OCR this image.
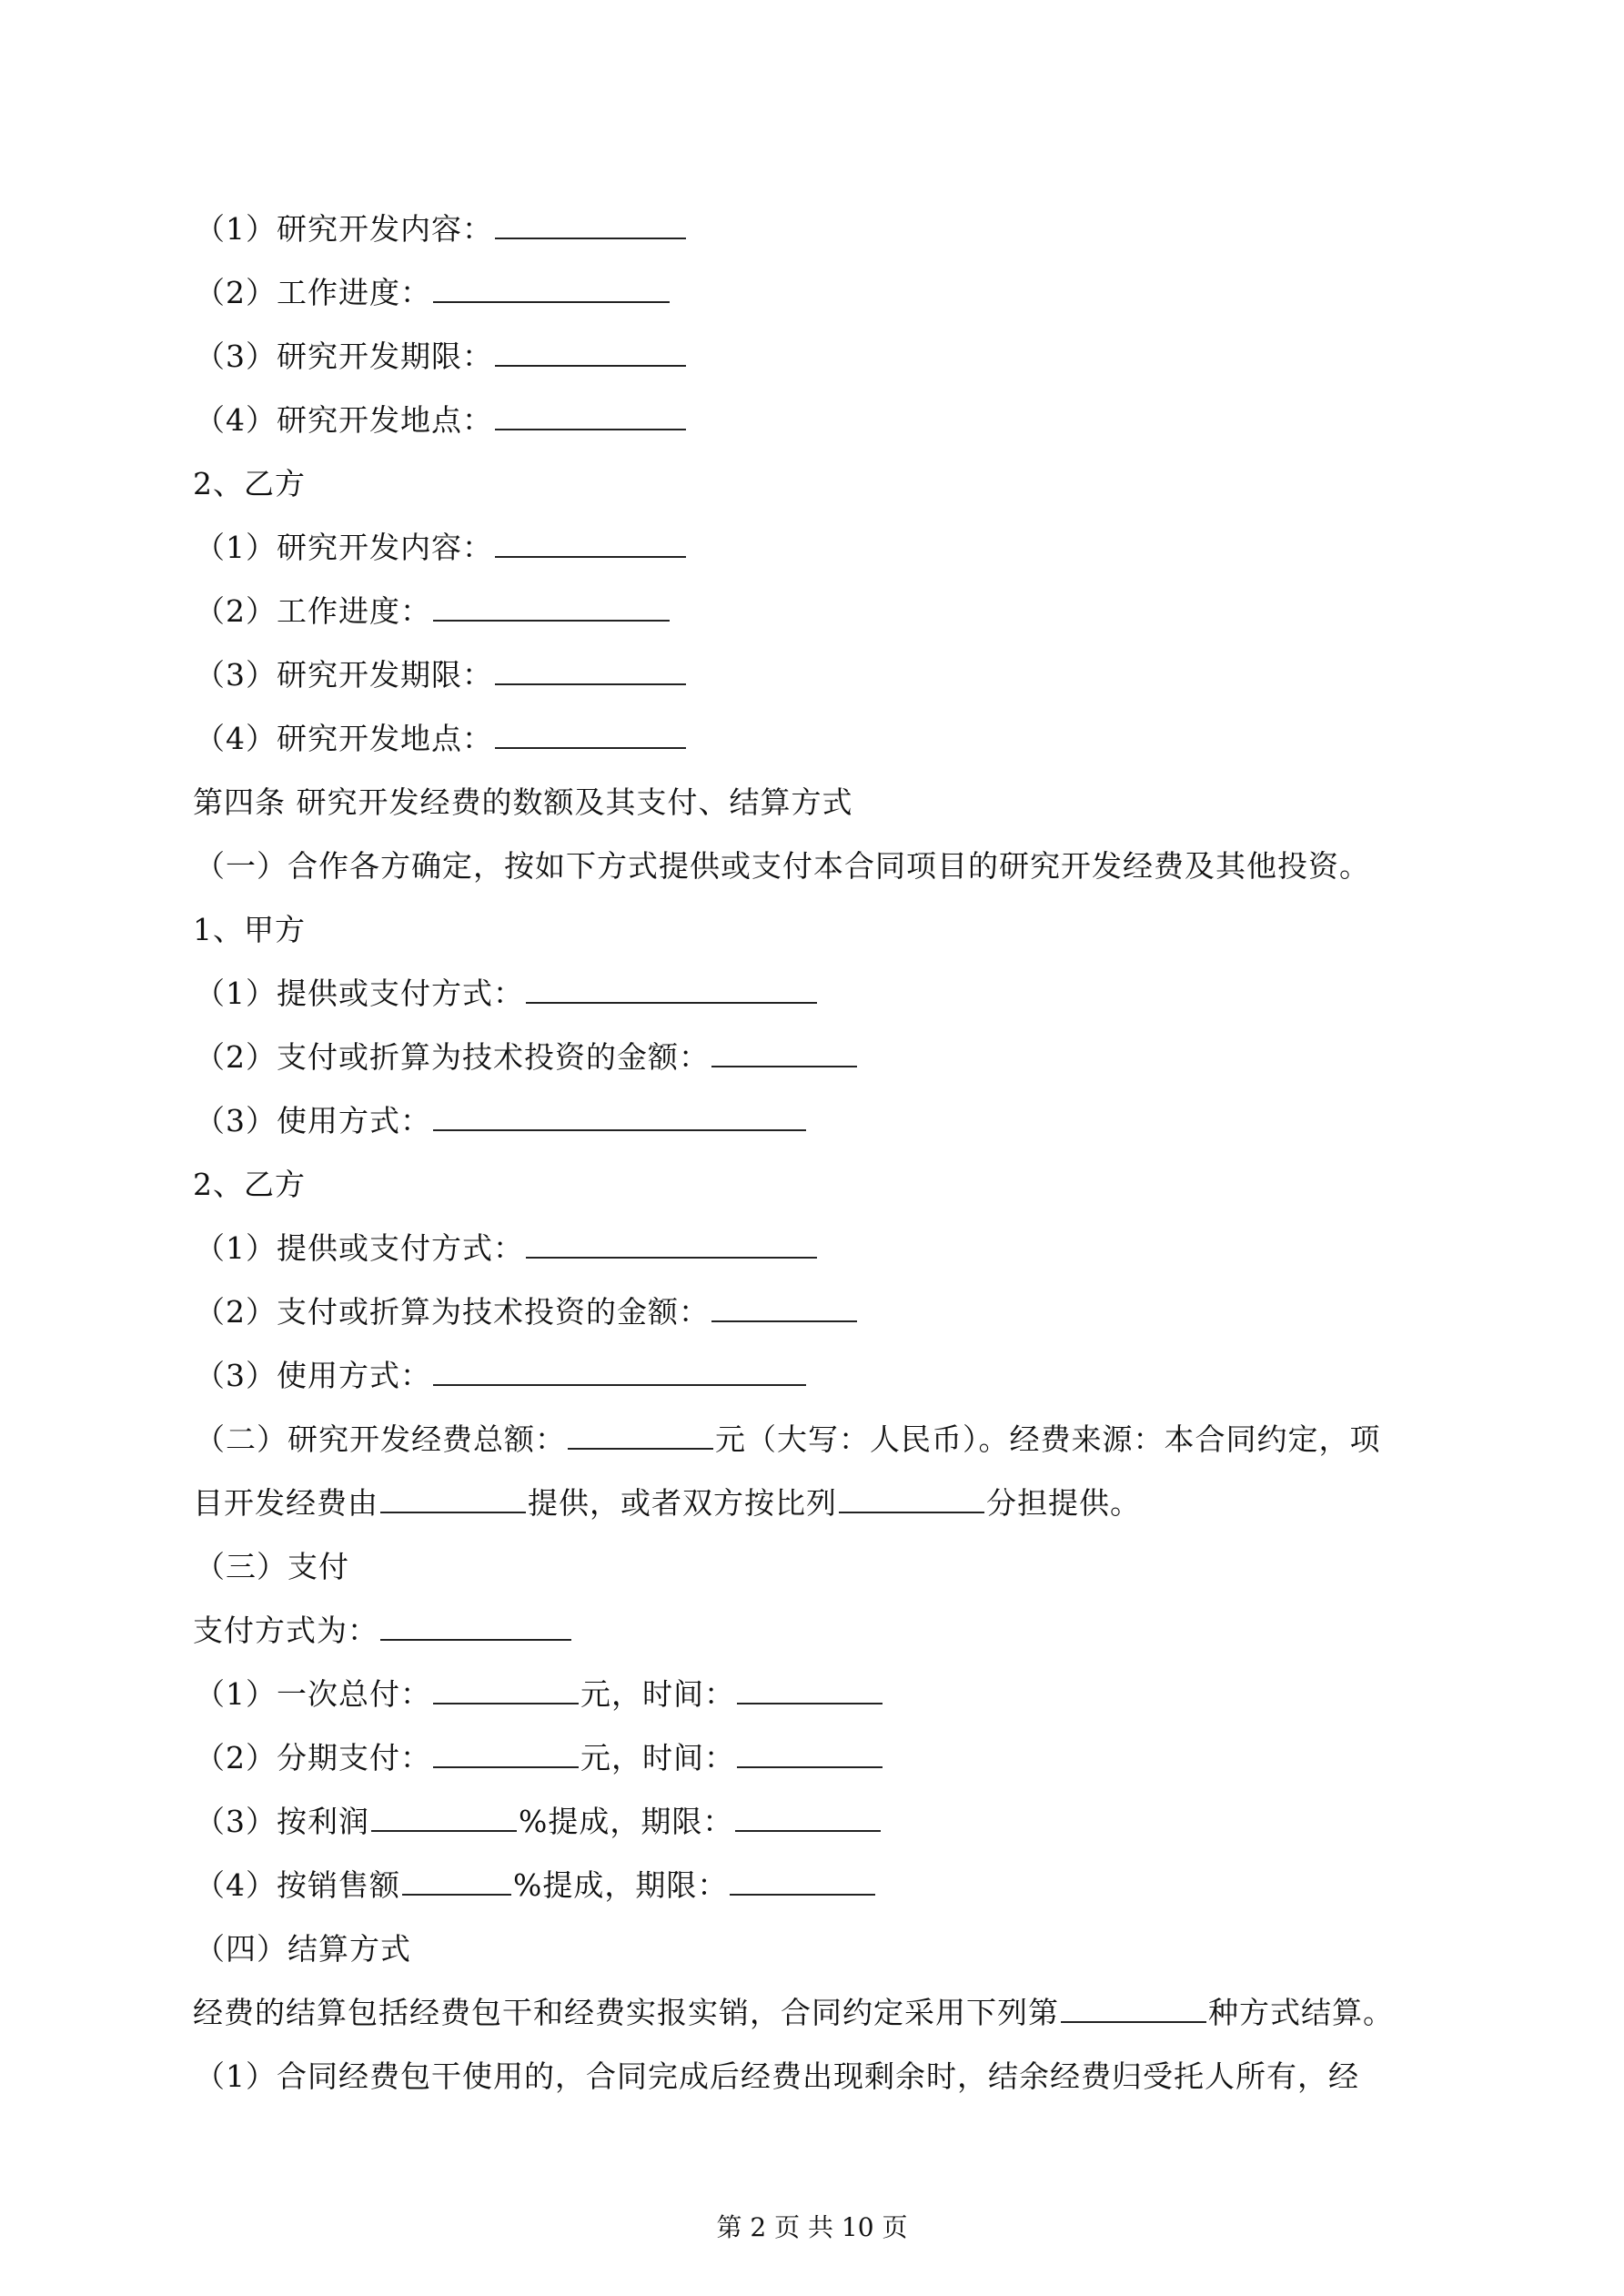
（1）研究开发内容：
（2）工作进度：
（3）研究开发期限：
（4）研究开发地点：
2、乙方
（1）研究开发内容：
（2）工作进度：
（3）研究开发期限：
（4）研究开发地点：
第四条 研究开发经费的数额及其支付、结算方式
（一）合作各方确定，按如下方式提供或支付本合同项目的研究开发经费及其他投资。
1、甲方
（1）提供或支付方式：
（2）支付或折算为技术投资的金额：
（3）使用方式：
2、乙方
（1）提供或支付方式：
（2）支付或折算为技术投资的金额：
（3）使用方式：
（二）研究开发经费总额：	元（大写：人民币）。经费来源：本合同约定，项
目开发经费由	提供，或者双方按比列	分担提供。
（三）支付
支付方式为：
（1）一次总付：	元，时间：
（2）分期支付：	元，时间：
（3）按利润	%提成，期限：
（4）按销售额	%提成，期限：
（四）结算方式
经费的结算包括经费包干和经费实报实销，合同约定采用下列第	种方式结算。
（1）合同经费包干使用的，合同完成后经费出现剩余时，结余经费归受托人所有，经
第 2 页 共 10 页
